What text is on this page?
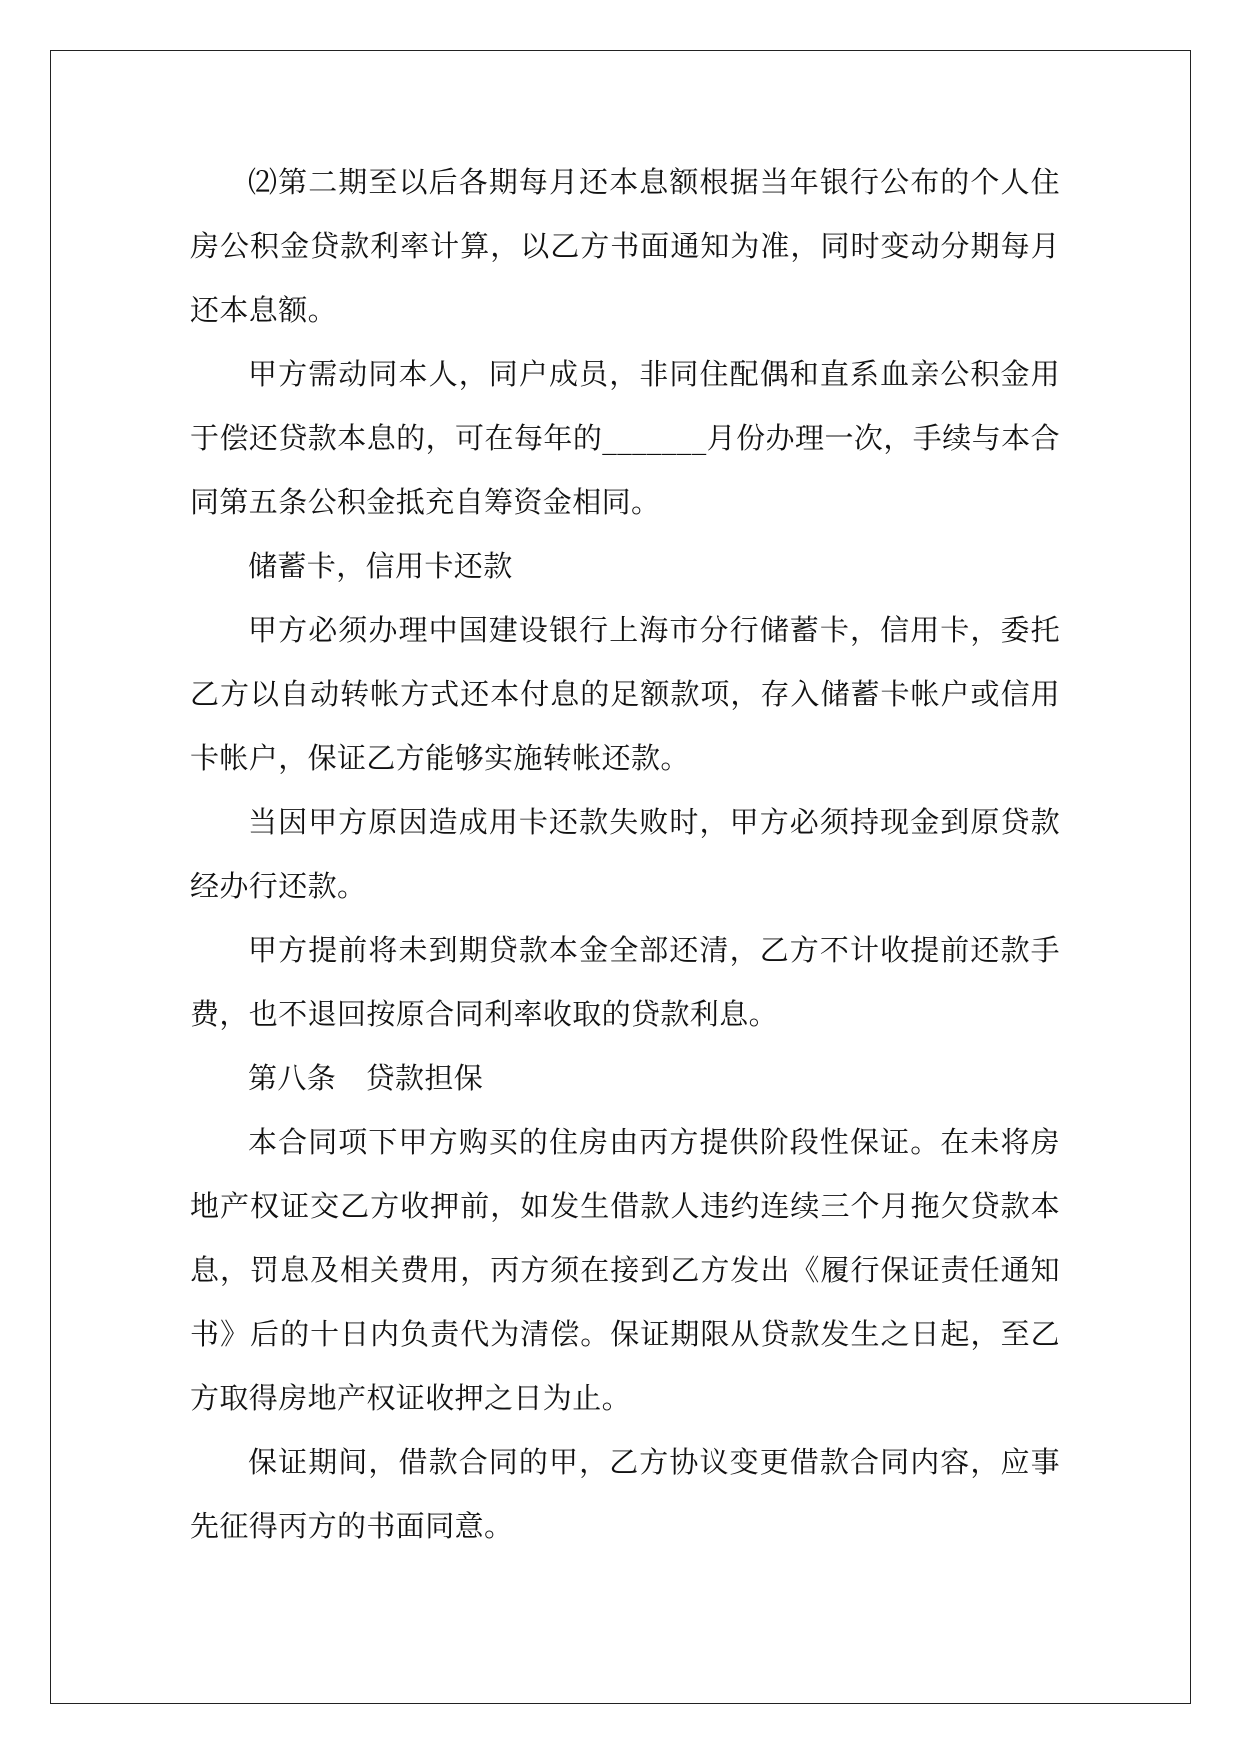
⑵第二期至以后各期每月还本息额根据当年银行公布的个人住房公积金贷款利率计算，以乙方书面通知为准，同时变动分期每月还本息额。

甲方需动同本人，同户成员，非同住配偶和直系血亲公积金用于偿还贷款本息的，可在每年的_______月份办理一次，手续与本合同第五条公积金抵充自筹资金相同。

储蓄卡，信用卡还款

甲方必须办理中国建设银行上海市分行储蓄卡，信用卡，委托乙方以自动转帐方式还本付息的足额款项，存入储蓄卡帐户或信用卡帐户，保证乙方能够实施转帐还款。

当因甲方原因造成用卡还款失败时，甲方必须持现金到原贷款经办行还款。

甲方提前将未到期贷款本金全部还清，乙方不计收提前还款手费，也不退回按原合同利率收取的贷款利息。

第八条　贷款担保

本合同项下甲方购买的住房由丙方提供阶段性保证。在未将房地产权证交乙方收押前，如发生借款人违约连续三个月拖欠贷款本息，罚息及相关费用，丙方须在接到乙方发出《履行保证责任通知书》后的十日内负责代为清偿。保证期限从贷款发生之日起，至乙方取得房地产权证收押之日为止。

保证期间，借款合同的甲，乙方协议变更借款合同内容，应事先征得丙方的书面同意。
